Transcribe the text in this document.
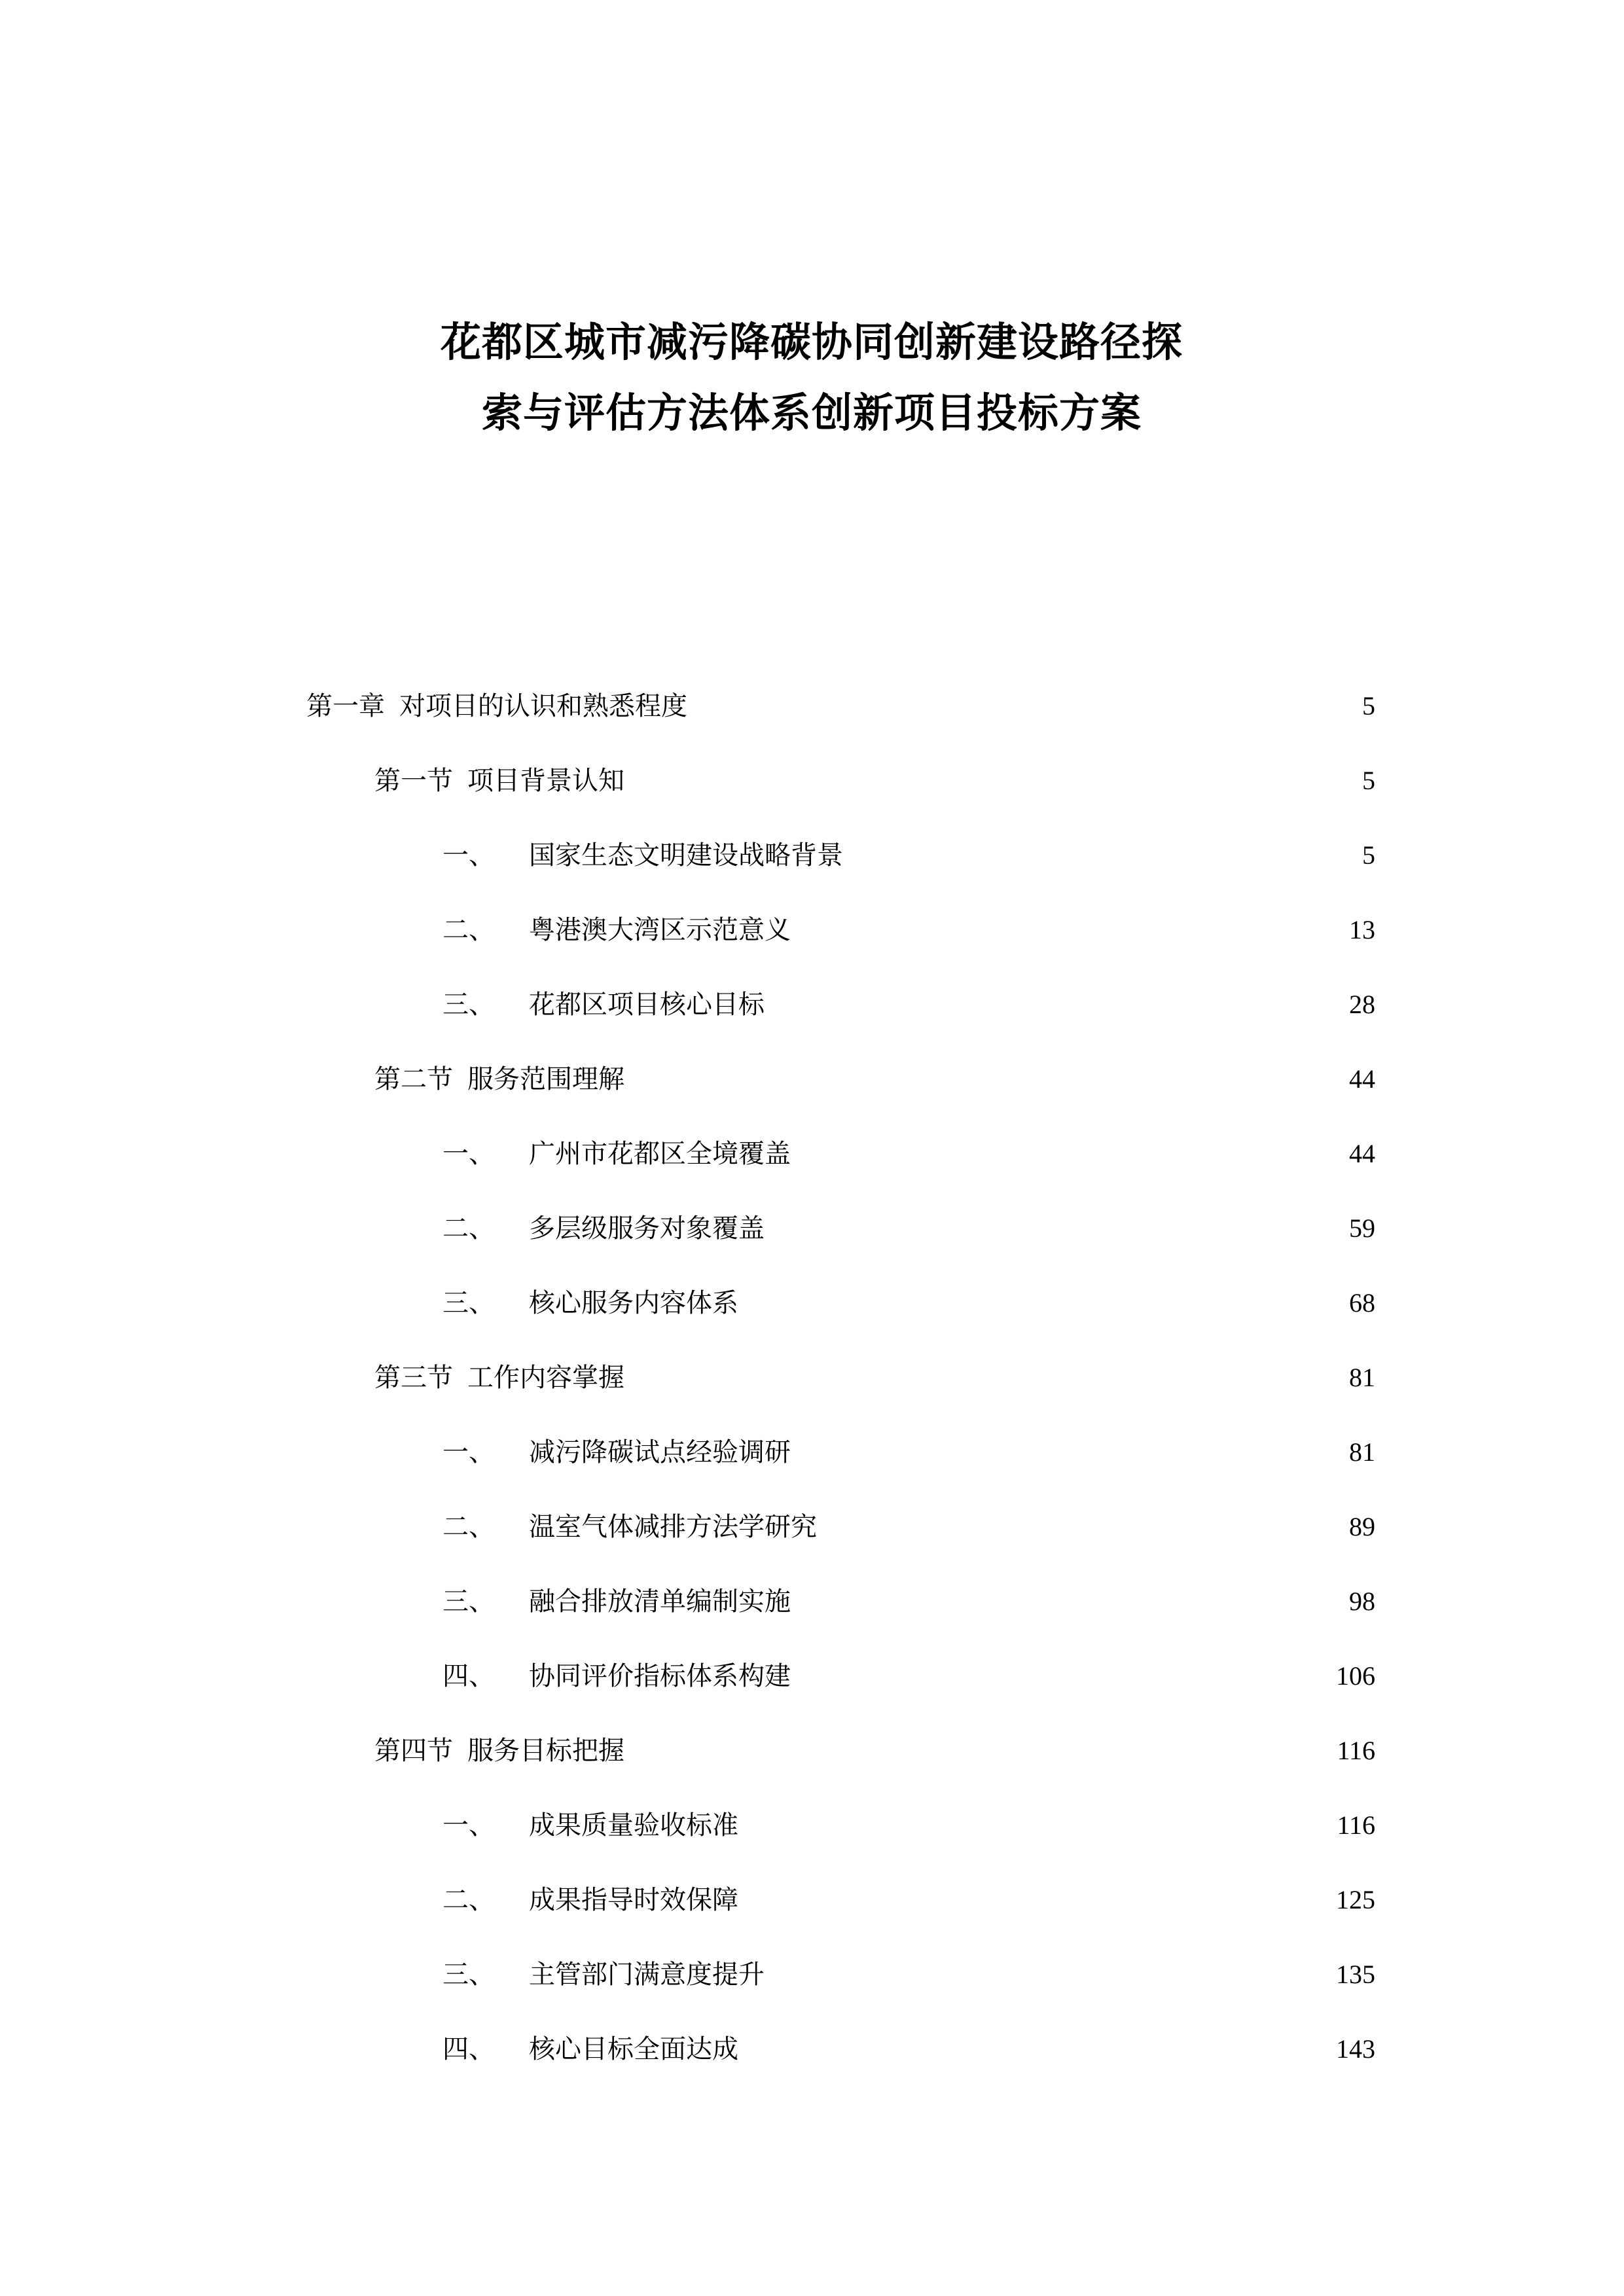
花都区城市减污降碳协同创新建设路径探
索与评估方法体系创新项目投标方案
第一章 对项目的认识和熟悉程度 . . .	5
第一节 项目背景认知 . . .	5
一、 国家生态文明建设战略背景 . . .	5
二、 粤港澳大湾区示范意义 . . .	13
三、 花都区项目核心目标 . . .	28
第二节 服务范围理解 . . .	44
一、 广州市花都区全境覆盖 . . .	44
二、 多层级服务对象覆盖 . . .	59
三、 核心服务内容体系 . . .	68
第三节 工作内容掌握 . . .	81
一、 减污降碳试点经验调研 . . .	81
二、 温室气体减排方法学研究 . . .	89
三、 融合排放清单编制实施 . . .	98
四、 协同评价指标体系构建 . . .	106
第四节 服务目标把握 . . .	116
一、 成果质量验收标准 . . .	116
二、 成果指导时效保障 . . .	125
三、 主管部门满意度提升 . . .	135
四、 核心目标全面达成 . . .	143
